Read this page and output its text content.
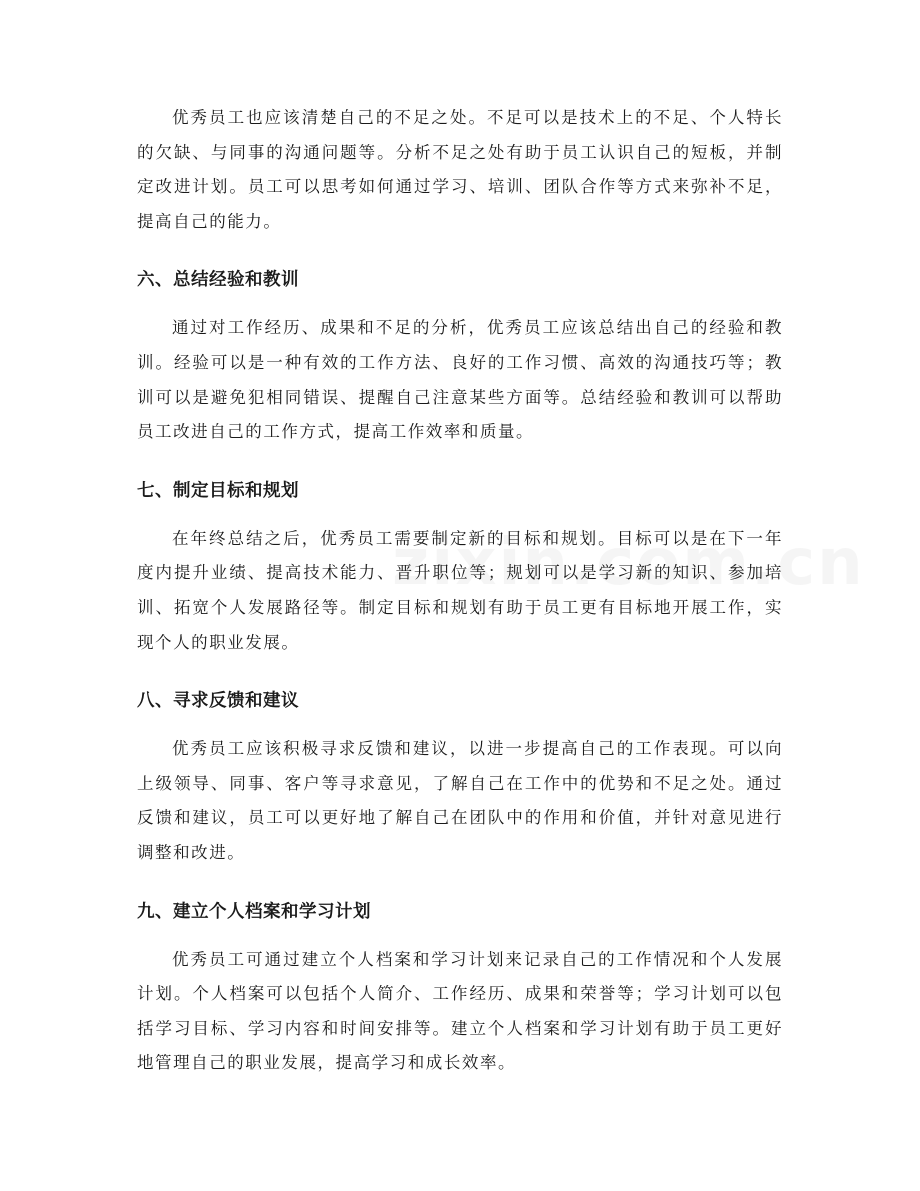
优秀员工也应该清楚自己的不足之处。不足可以是技术上的不足、个人特长的欠缺、与同事的沟通问题等。分析不足之处有助于员工认识自己的短板，并制定改进计划。员工可以思考如何通过学习、培训、团队合作等方式来弥补不足，提高自己的能力。

六、总结经验和教训

通过对工作经历、成果和不足的分析，优秀员工应该总结出自己的经验和教训。经验可以是一种有效的工作方法、良好的工作习惯、高效的沟通技巧等；教训可以是避免犯相同错误、提醒自己注意某些方面等。总结经验和教训可以帮助员工改进自己的工作方式，提高工作效率和质量。

七、制定目标和规划

在年终总结之后，优秀员工需要制定新的目标和规划。目标可以是在下一年度内提升业绩、提高技术能力、晋升职位等；规划可以是学习新的知识、参加培训、拓宽个人发展路径等。制定目标和规划有助于员工更有目标地开展工作，实现个人的职业发展。

八、寻求反馈和建议

优秀员工应该积极寻求反馈和建议，以进一步提高自己的工作表现。可以向上级领导、同事、客户等寻求意见，了解自己在工作中的优势和不足之处。通过反馈和建议，员工可以更好地了解自己在团队中的作用和价值，并针对意见进行调整和改进。

九、建立个人档案和学习计划

优秀员工可通过建立个人档案和学习计划来记录自己的工作情况和个人发展计划。个人档案可以包括个人简介、工作经历、成果和荣誉等；学习计划可以包括学习目标、学习内容和时间安排等。建立个人档案和学习计划有助于员工更好地管理自己的职业发展，提高学习和成长效率。
